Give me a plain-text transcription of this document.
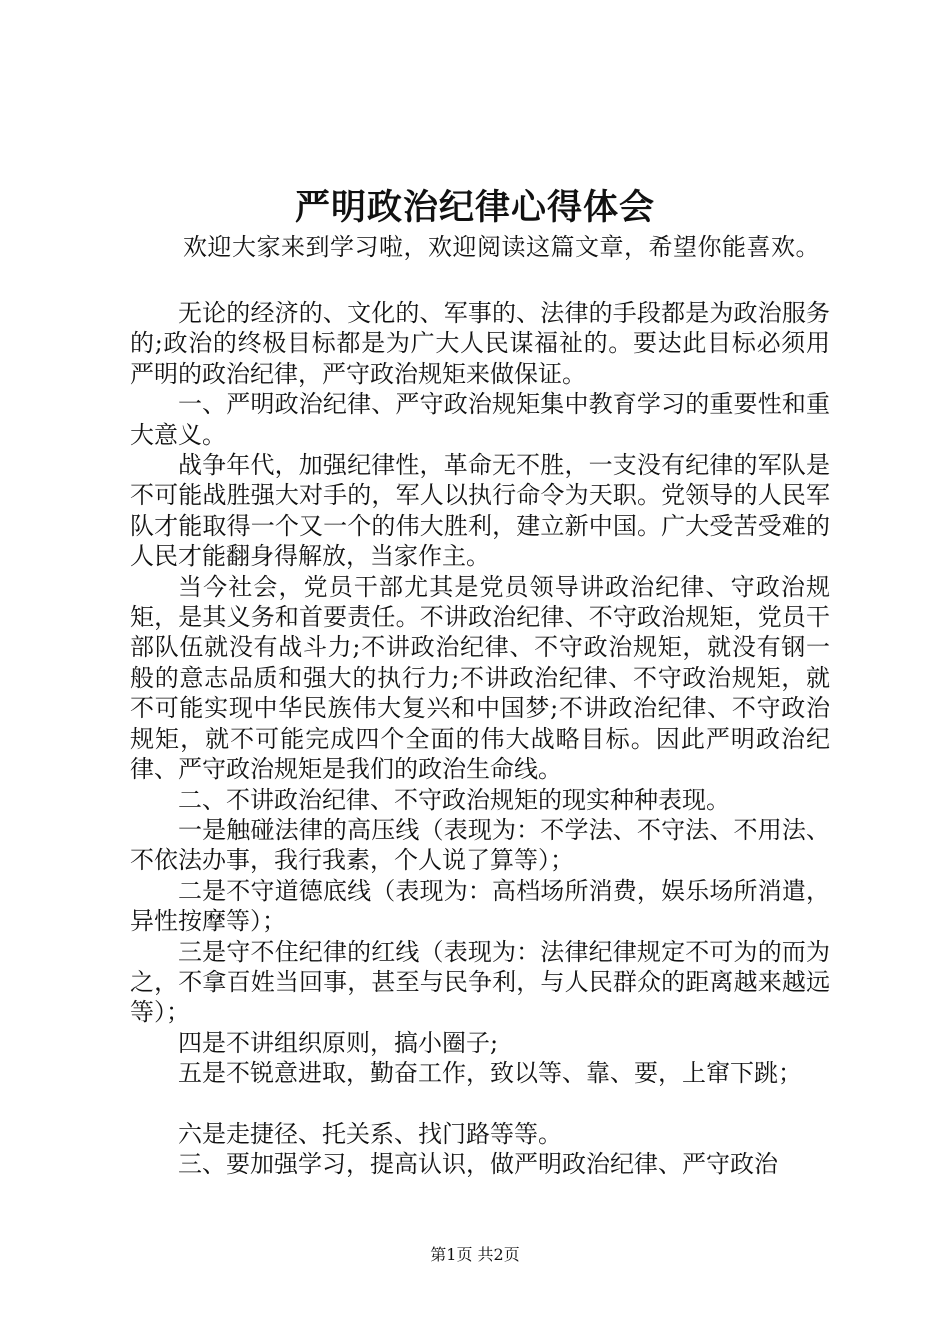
严明政治纪律心得体会

欢迎大家来到学习啦，欢迎阅读这篇文章，希望你能喜欢。

无论的经济的、文化的、军事的、法律的手段都是为政治服务的;政治的终极目标都是为广大人民谋福祉的。要达此目标必须用严明的政治纪律，严守政治规矩来做保证。

一、严明政治纪律、严守政治规矩集中教育学习的重要性和重大意义。

战争年代，加强纪律性，革命无不胜，一支没有纪律的军队是不可能战胜强大对手的，军人以执行命令为天职。党领导的人民军队才能取得一个又一个的伟大胜利，建立新中国。广大受苦受难的人民才能翻身得解放，当家作主。

当今社会，党员干部尤其是党员领导讲政治纪律、守政治规矩，是其义务和首要责任。不讲政治纪律、不守政治规矩，党员干部队伍就没有战斗力;不讲政治纪律、不守政治规矩，就没有钢一般的意志品质和强大的执行力;不讲政治纪律、不守政治规矩，就不可能实现中华民族伟大复兴和中国梦;不讲政治纪律、不守政治规矩，就不可能完成四个全面的伟大战略目标。因此严明政治纪律、严守政治规矩是我们的政治生命线。

二、不讲政治纪律、不守政治规矩的现实种种表现。

一是触碰法律的高压线（表现为：不学法、不守法、不用法、不依法办事，我行我素，个人说了算等）；

二是不守道德底线（表现为：高档场所消费，娱乐场所消遣，异性按摩等）；

三是守不住纪律的红线（表现为：法律纪律规定不可为的而为之，不拿百姓当回事，甚至与民争利，与人民群众的距离越来越远等）；

四是不讲组织原则，搞小圈子;

五是不锐意进取，勤奋工作，致以等、靠、要，上窜下跳；

六是走捷径、托关系、找门路等等。

三、要加强学习，提高认识，做严明政治纪律、严守政治

第1页 共2页
